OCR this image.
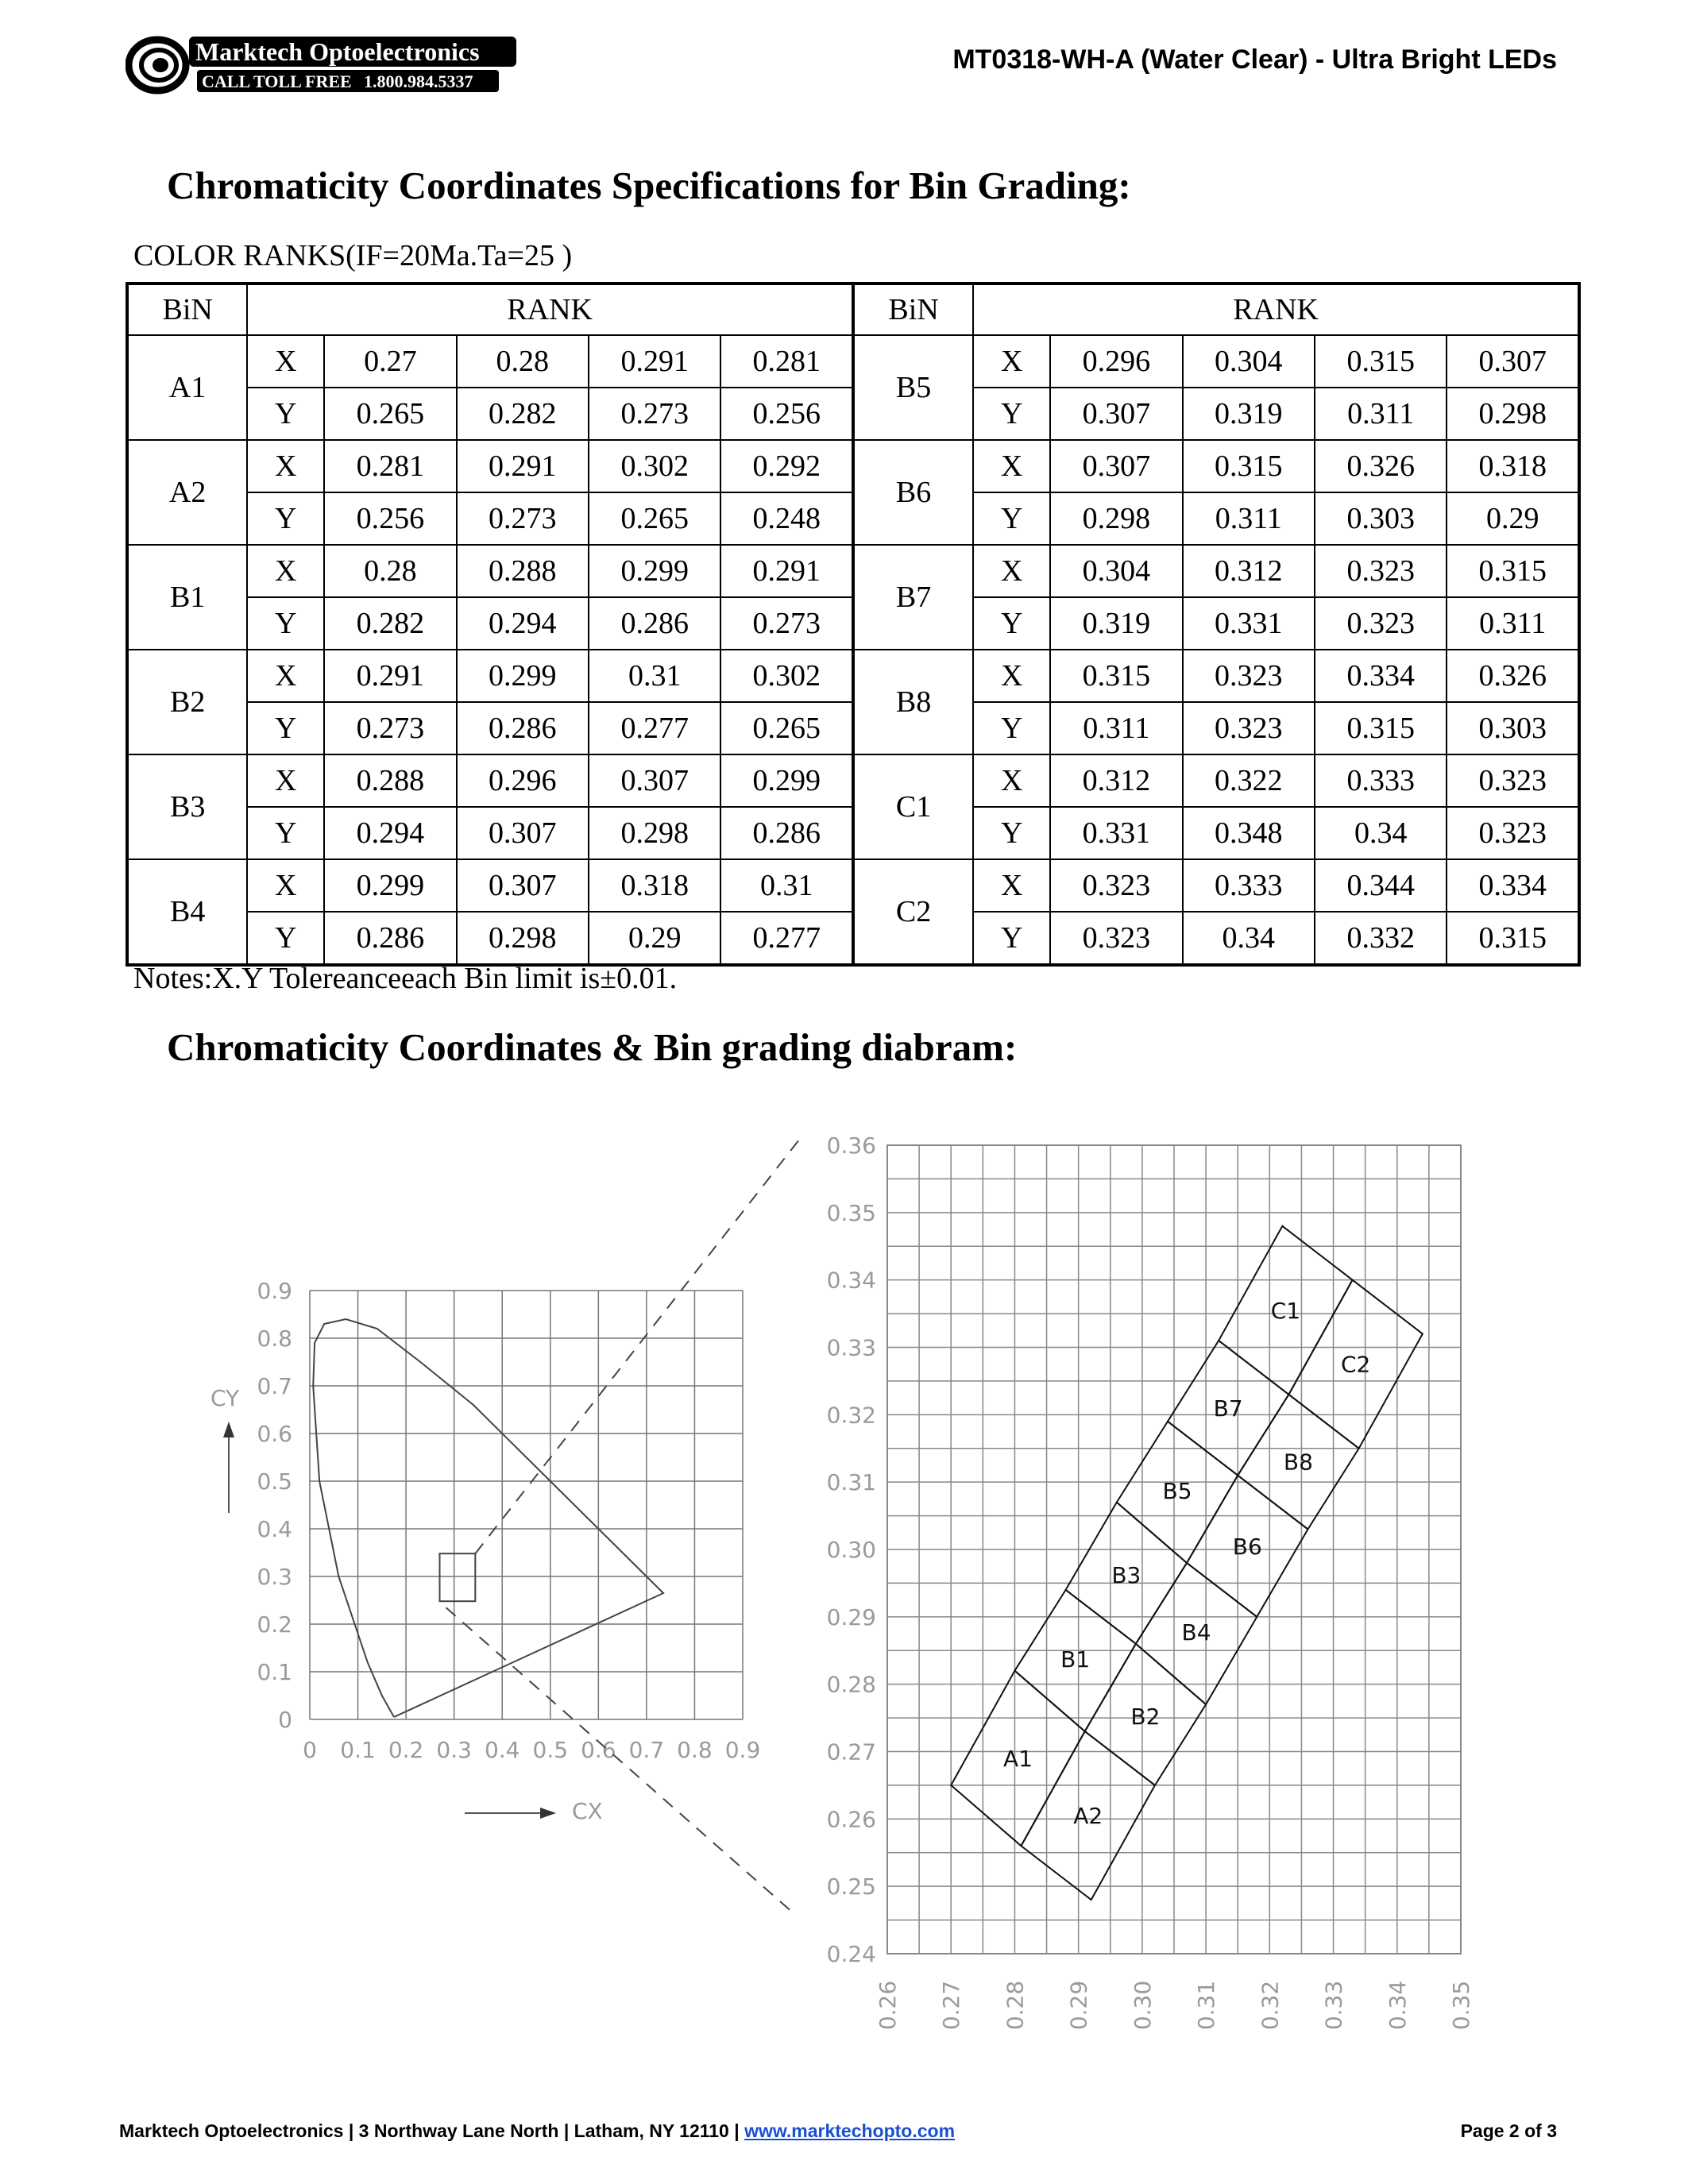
Marktech Optoelectronics
CALL TOLL FREE 1.800.984.5337
MT0318-WH-A (Water Clear) - Ultra Bright LEDs
Chromaticity Coordinates Specifications for Bin Grading:
COLOR RANKS(IF=20Ma.Ta=25 )
BiN	RANK					BiN	RANK				
A1	X	0.27	0.28	0.291	0.281	B5	X	0.296	0.304	0.315	0.307
	Y	0.265	0.282	0.273	0.256		Y	0.307	0.319	0.311	0.298
A2	X	0.281	0.291	0.302	0.292	B6	X	0.307	0.315	0.326	0.318
	Y	0.256	0.273	0.265	0.248		Y	0.298	0.311	0.303	0.29
B1	X	0.28	0.288	0.299	0.291	B7	X	0.304	0.312	0.323	0.315
	Y	0.282	0.294	0.286	0.273		Y	0.319	0.331	0.323	0.311
B2	X	0.291	0.299	0.31	0.302	B8	X	0.315	0.323	0.334	0.326
	Y	0.273	0.286	0.277	0.265		Y	0.311	0.323	0.315	0.303
B3	X	0.288	0.296	0.307	0.299	C1	X	0.312	0.322	0.333	0.323
	Y	0.294	0.307	0.298	0.286		Y	0.331	0.348	0.34	0.323
B4	X	0.299	0.307	0.318	0.31	C2	X	0.323	0.333	0.344	0.334
	Y	0.286	0.298	0.29	0.277		Y	0.323	0.34	0.332	0.315
Notes:X.Y Tolereanceeach Bin limit is±0.01.
Chromaticity Coordinates & Bin grading diabram:
0 0.1 0.2 0.3 0.4 0.5 0.6 0.7 0.8 0.9
0
0.1
0.2
0.3
0.4
0.5
0.6
0.7
0.8
0.9
CX
CY
0.26 0.27 0.28 0.29 0.30 0.31 0.32 0.33 0.34 0.35
0.24
0.25
0.26
0.27
0.28
0.29
0.30
0.31
0.32
0.33
0.34
0.35
0.36
A1
A2
B1
B2
B3
B4
B5
B6
B7
B8
C1
C2
Marktech Optoelectronics | 3 Northway Lane North | Latham, NY 12110 | www.marktechopto.com	Page 2 of 3
